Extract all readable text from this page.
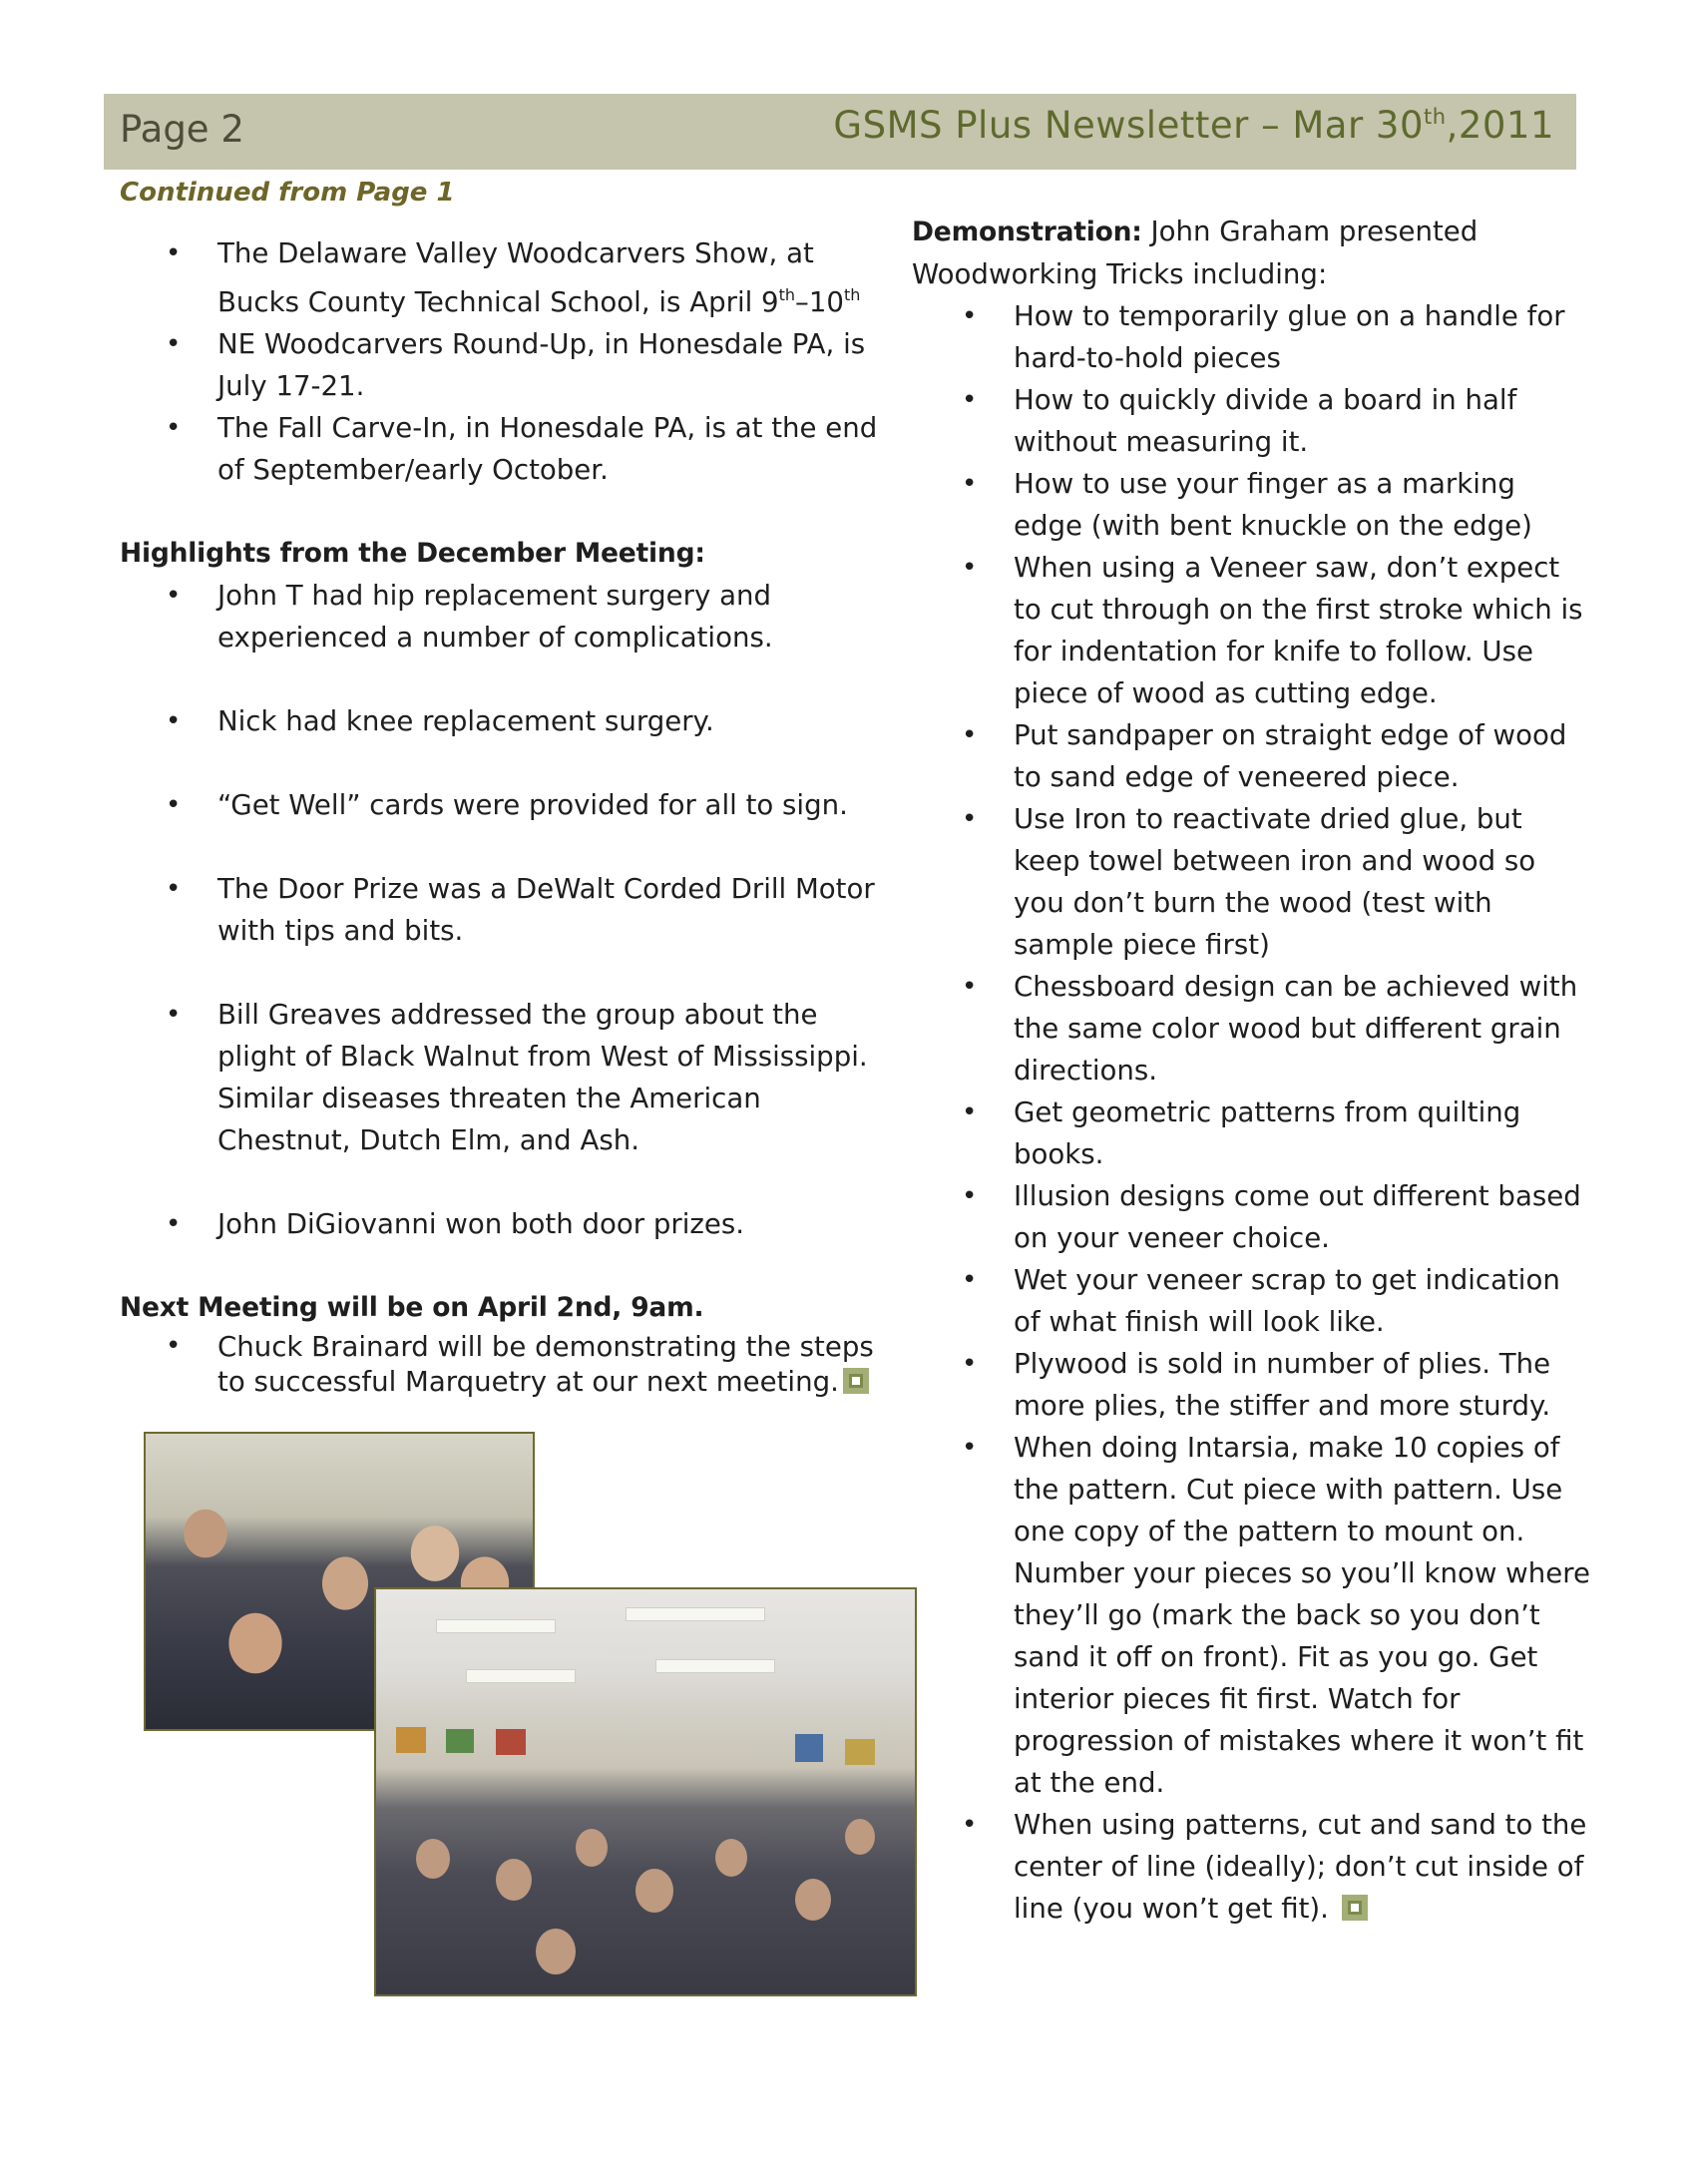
Page 2	GSMS Plus Newsletter – Mar 30th,2011
Continued from Page 1
• The Delaware Valley Woodcarvers Show, at Bucks County Technical School, is April 9th–10th
• NE Woodcarvers Round-Up, in Honesdale PA, is July 17-21.
• The Fall Carve-In, in Honesdale PA, is at the end of September/early October.
Highlights from the December Meeting:
• John T had hip replacement surgery and experienced a number of complications.
• Nick had knee replacement surgery.
• “Get Well” cards were provided for all to sign.
• The Door Prize was a DeWalt Corded Drill Motor with tips and bits.
• Bill Greaves addressed the group about the plight of Black Walnut from West of Mississippi. Similar diseases threaten the American Chestnut, Dutch Elm, and Ash.
• John DiGiovanni won both door prizes.
Next Meeting will be on April 2nd, 9am.
• Chuck Brainard will be demonstrating the steps to successful Marquetry at our next meeting.
Demonstration: John Graham presented Woodworking Tricks including:
• How to temporarily glue on a handle for hard-to-hold pieces
• How to quickly divide a board in half without measuring it.
• How to use your finger as a marking edge (with bent knuckle on the edge)
• When using a Veneer saw, don’t expect to cut through on the first stroke which is for indentation for knife to follow. Use piece of wood as cutting edge.
• Put sandpaper on straight edge of wood to sand edge of veneered piece.
• Use Iron to reactivate dried glue, but keep towel between iron and wood so you don’t burn the wood (test with sample piece first)
• Chessboard design can be achieved with the same color wood but different grain directions.
• Get geometric patterns from quilting books.
• Illusion designs come out different based on your veneer choice.
• Wet your veneer scrap to get indication of what finish will look like.
• Plywood is sold in number of plies. The more plies, the stiffer and more sturdy.
• When doing Intarsia, make 10 copies of the pattern. Cut piece with pattern. Use one copy of the pattern to mount on. Number your pieces so you’ll know where they’ll go (mark the back so you don’t sand it off on front). Fit as you go. Get interior pieces fit first. Watch for progression of mistakes where it won’t fit at the end.
• When using patterns, cut and sand to the center of line (ideally); don’t cut inside of line (you won’t get fit).
